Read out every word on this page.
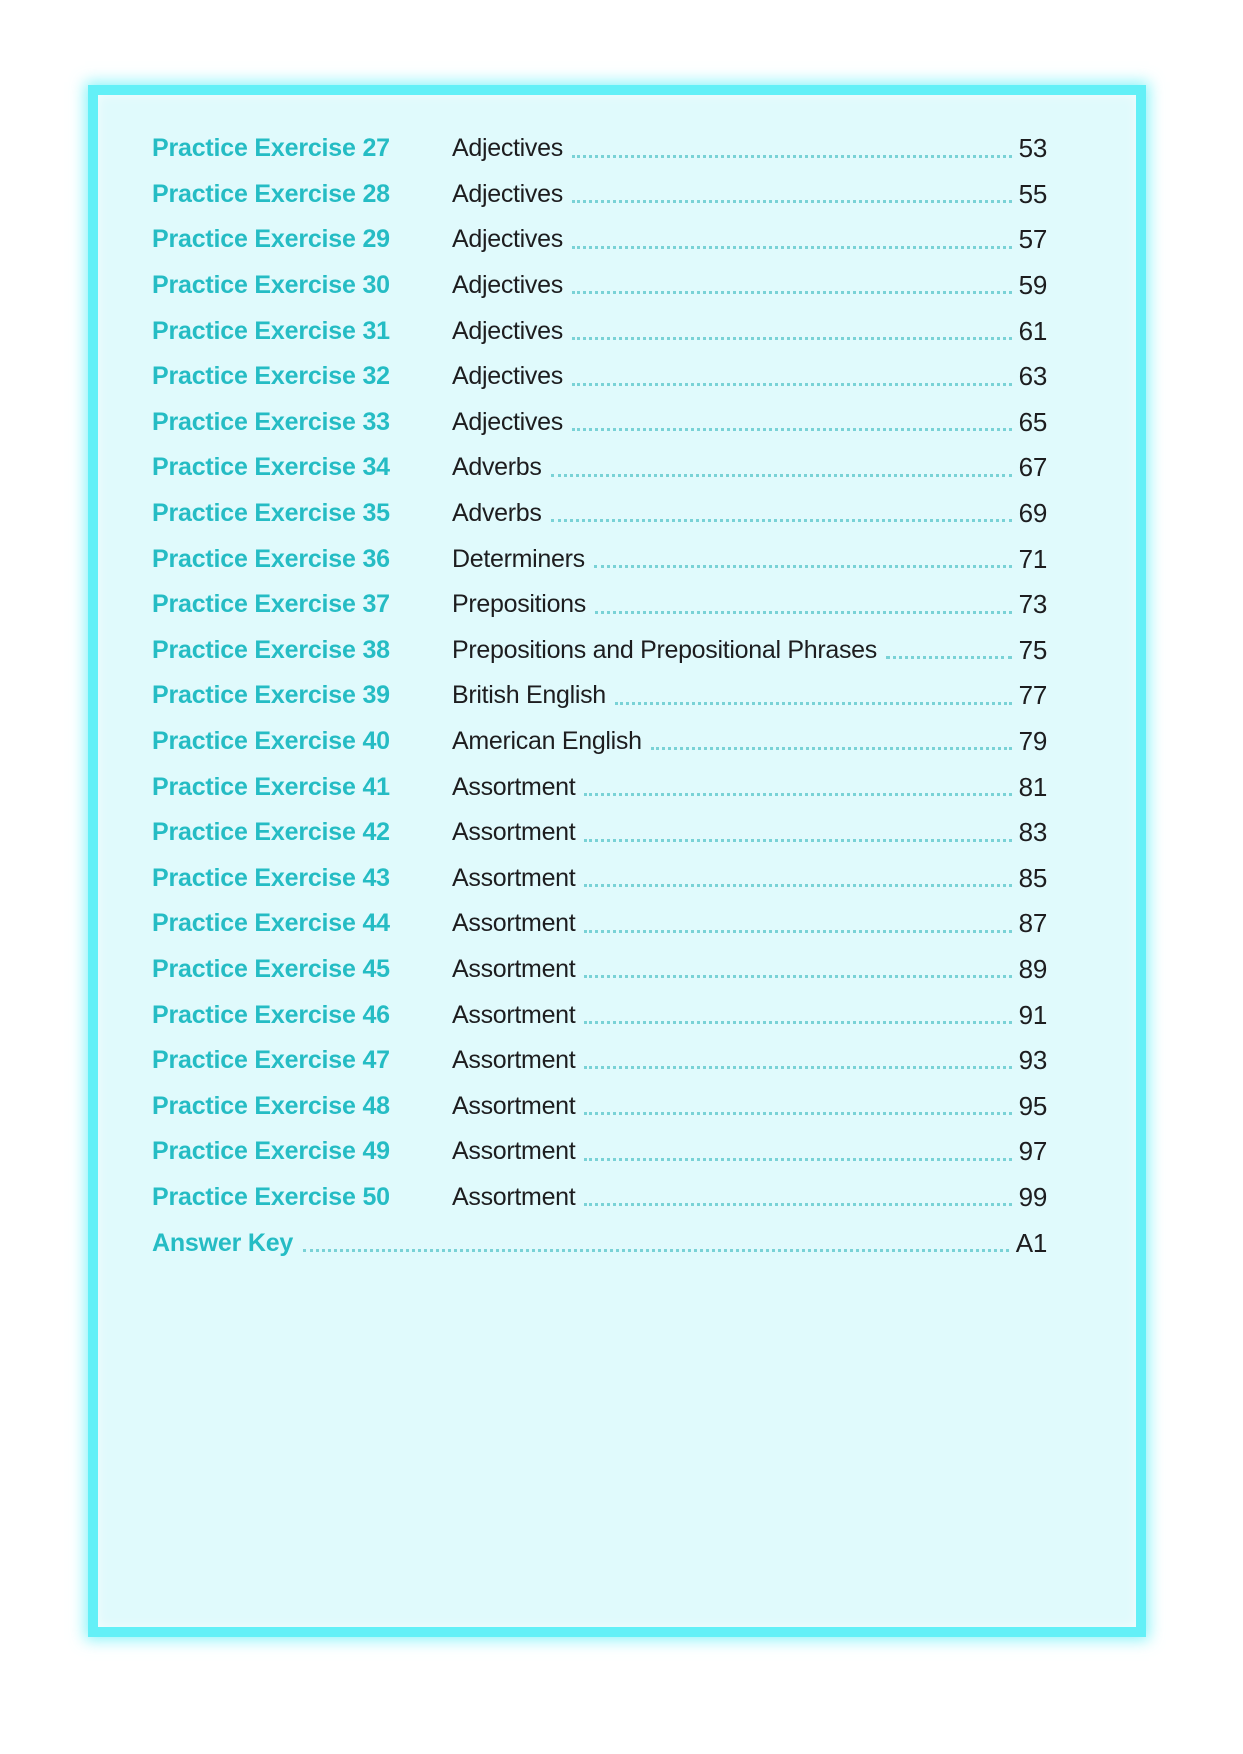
Practice Exercise 27	Adjectives	53
Practice Exercise 28	Adjectives	55
Practice Exercise 29	Adjectives	57
Practice Exercise 30	Adjectives	59
Practice Exercise 31	Adjectives	61
Practice Exercise 32	Adjectives	63
Practice Exercise 33	Adjectives	65
Practice Exercise 34	Adverbs	67
Practice Exercise 35	Adverbs	69
Practice Exercise 36	Determiners	71
Practice Exercise 37	Prepositions	73
Practice Exercise 38	Prepositions and Prepositional Phrases	75
Practice Exercise 39	British English	77
Practice Exercise 40	American English	79
Practice Exercise 41	Assortment	81
Practice Exercise 42	Assortment	83
Practice Exercise 43	Assortment	85
Practice Exercise 44	Assortment	87
Practice Exercise 45	Assortment	89
Practice Exercise 46	Assortment	91
Practice Exercise 47	Assortment	93
Practice Exercise 48	Assortment	95
Practice Exercise 49	Assortment	97
Practice Exercise 50	Assortment	99
Answer Key	A1
